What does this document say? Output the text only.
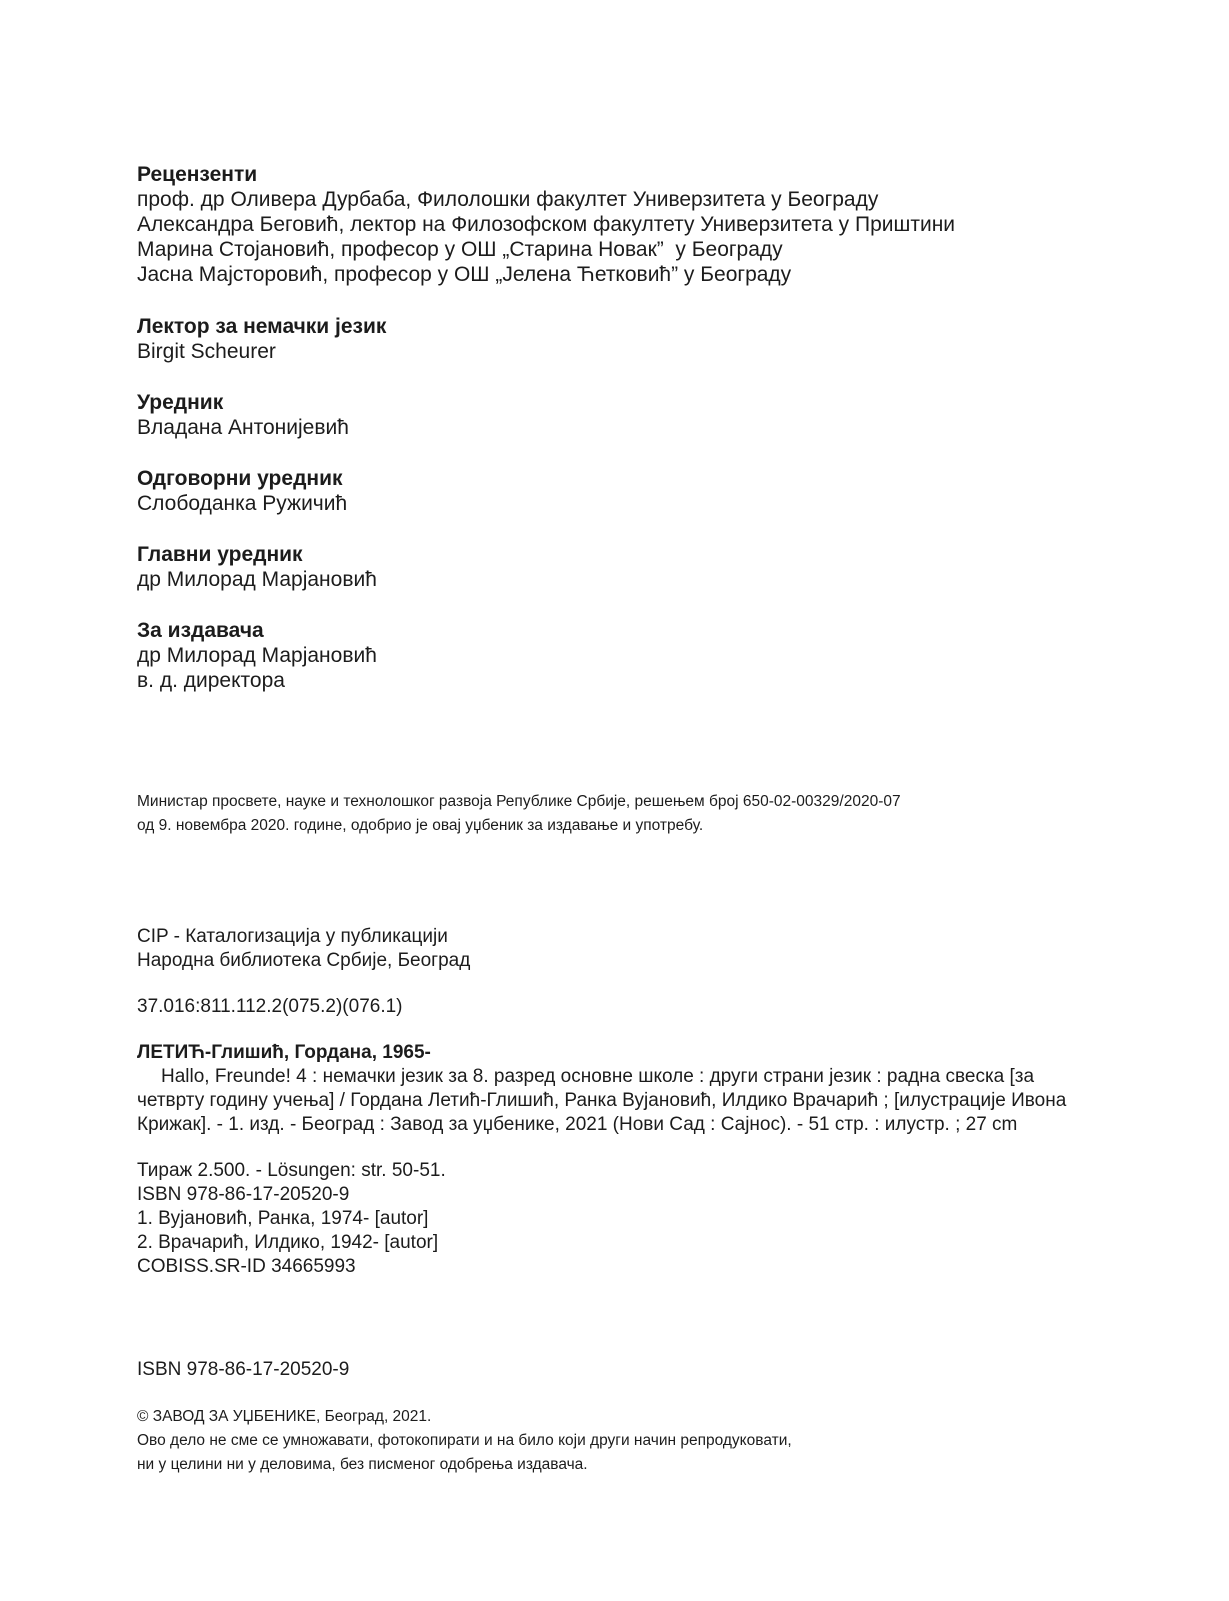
Рецензенти
проф. др Оливера Дурбаба, Филолошки факултет Универзитета у Београду
Александра Беговић, лектор на Филозофском факултету Универзитета у Приштини
Марина Стојановић, професор у ОШ „Старина Новак”  у Београду
Јасна Мајсторовић, професор у ОШ „Јелена Ћетковић” у Београду
Лектор за немачки језик
Birgit Scheurer
Уредник
Владана Антонијевић
Одговорни уредник
Слободанка Ружичић
Главни уредник
др Милорад Марјановић
За издавача
др Милорад Марјановић
в. д. директора
Министар просвете, науке и технолошког развоја Републике Србије, решењем број 650-02-00329/2020-07
од 9. новембра 2020. године, одобрио је овај уџбеник за издавање и употребу.
CIP - Каталогизација у публикацији
Народна библиотека Србије, Београд
37.016:811.112.2(075.2)(076.1)
ЛЕТИЋ-Глишић, Гордана, 1965-
Hallo, Freunde! 4 : немачки језик за 8. разред основне школе : други страни језик : радна свеска [за четврту годину учења] / Гордана Летић-Глишић, Ранка Вујановић, Илдико Врачарић ; [илустрације Ивона Крижак]. - 1. изд. - Београд : Завод за уџбенике, 2021 (Нови Сад : Сајнос). - 51 стр. : илустр. ; 27 cm
Тираж 2.500. - Lösungen: str. 50-51.
ISBN 978-86-17-20520-9
1. Вујановић, Ранка, 1974- [autor]
2. Врачарић, Илдико, 1942- [autor]
COBISS.SR-ID 34665993
ISBN 978-86-17-20520-9
© ЗАВОД ЗА УЏБЕНИКЕ, Београд, 2021.
Ово дело не сме се умножавати, фотокопирати и на било који други начин репродуковати,
ни у целини ни у деловима, без писменог одобрења издавача.
